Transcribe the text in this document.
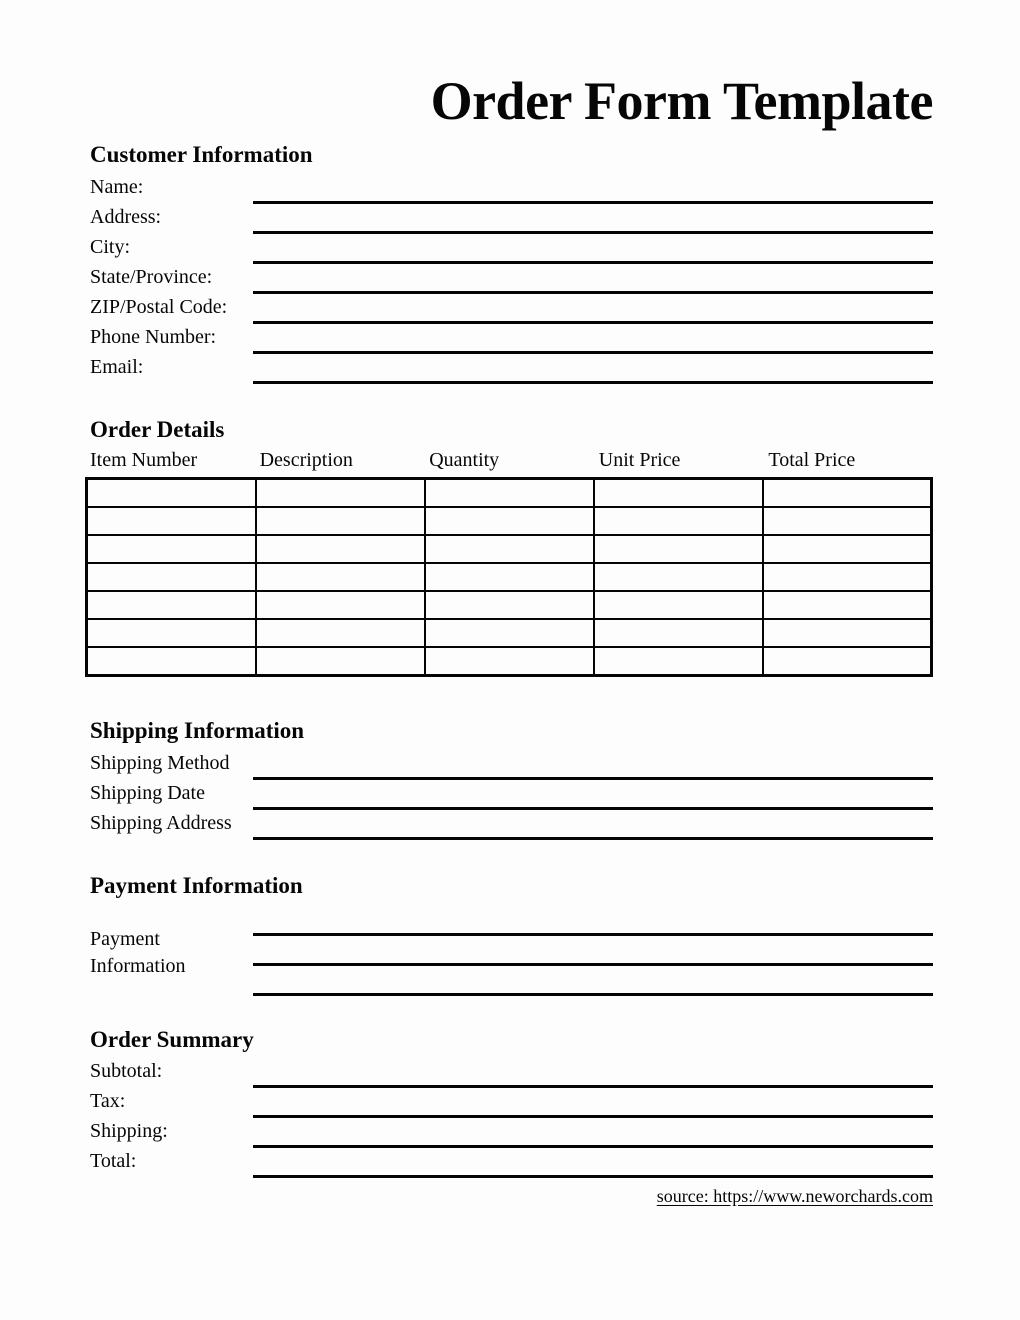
Order Form Template
Customer Information
Name:
Address:
City:
State/Province:
ZIP/Postal Code:
Phone Number:
Email:
Order Details
Item Number	Description	Quantity	Unit Price	Total Price

Shipping Information
Shipping Method
Shipping Date
Shipping Address
Payment Information
Payment Information
Order Summary
Subtotal:
Tax:
Shipping:
Total:
source: https://www.neworchards.com
